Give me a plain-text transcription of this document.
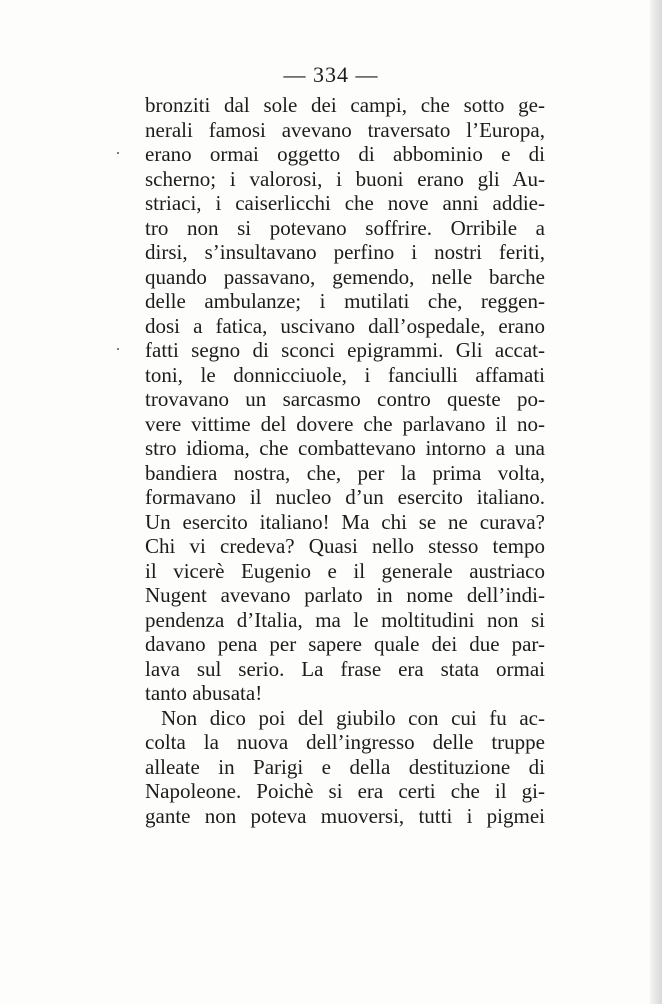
— 334 —
bronziti dal sole dei campi, che sotto ge-
nerali famosi avevano traversato l’Europa,
erano ormai oggetto di abbominio e di
scherno; i valorosi, i buoni erano gli Au-
striaci, i caiserlicchi che nove anni addie-
tro non si potevano soffrire. Orribile a
dirsi, s’insultavano perfino i nostri feriti,
quando passavano, gemendo, nelle barche
delle ambulanze; i mutilati che, reggen-
dosi a fatica, uscivano dall’ospedale, erano
fatti segno di sconci epigrammi. Gli accat-
toni, le donnicciuole, i fanciulli affamati
trovavano un sarcasmo contro queste po-
vere vittime del dovere che parlavano il no-
stro idioma, che combattevano intorno a una
bandiera nostra, che, per la prima volta,
formavano il nucleo d’un esercito italiano.
Un esercito italiano! Ma chi se ne curava?
Chi vi credeva? Quasi nello stesso tempo
il vicerè Eugenio e il generale austriaco
Nugent avevano parlato in nome dell’indi-
pendenza d’Italia, ma le moltitudini non si
davano pena per sapere quale dei due par-
lava sul serio. La frase era stata ormai
tanto abusata!
Non dico poi del giubilo con cui fu ac-
colta la nuova dell’ingresso delle truppe
alleate in Parigi e della destituzione di
Napoleone. Poichè si era certi che il gi-
gante non poteva muoversi, tutti i pigmei
